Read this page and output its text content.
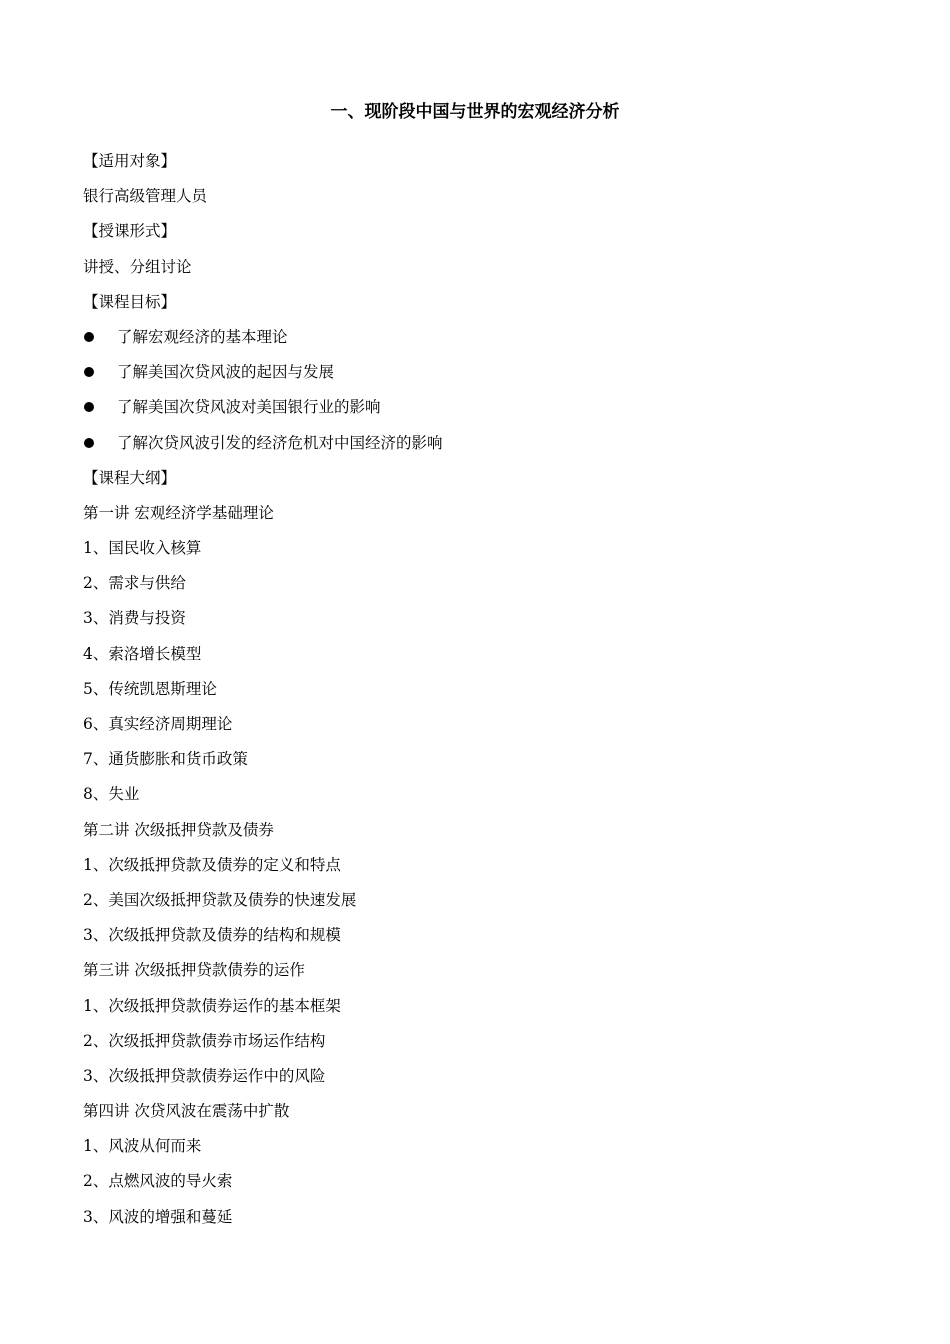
一、现阶段中国与世界的宏观经济分析

【适用对象】

银行高级管理人员

【授课形式】

讲授、分组讨论

【课程目标】

了解宏观经济的基本理论

了解美国次贷风波的起因与发展

了解美国次贷风波对美国银行业的影响

了解次贷风波引发的经济危机对中国经济的影响

【课程大纲】

第一讲 宏观经济学基础理论

1、国民收入核算

2、需求与供给

3、消费与投资

4、索洛增长模型

5、传统凯恩斯理论

6、真实经济周期理论

7、通货膨胀和货币政策

8、失业

第二讲 次级抵押贷款及债券

1、次级抵押贷款及债券的定义和特点

2、美国次级抵押贷款及债券的快速发展

3、次级抵押贷款及债券的结构和规模

第三讲 次级抵押贷款债券的运作

1、次级抵押贷款债券运作的基本框架

2、次级抵押贷款债券市场运作结构

3、次级抵押贷款债券运作中的风险

第四讲 次贷风波在震荡中扩散

1、风波从何而来

2、点燃风波的导火索

3、风波的增强和蔓延
